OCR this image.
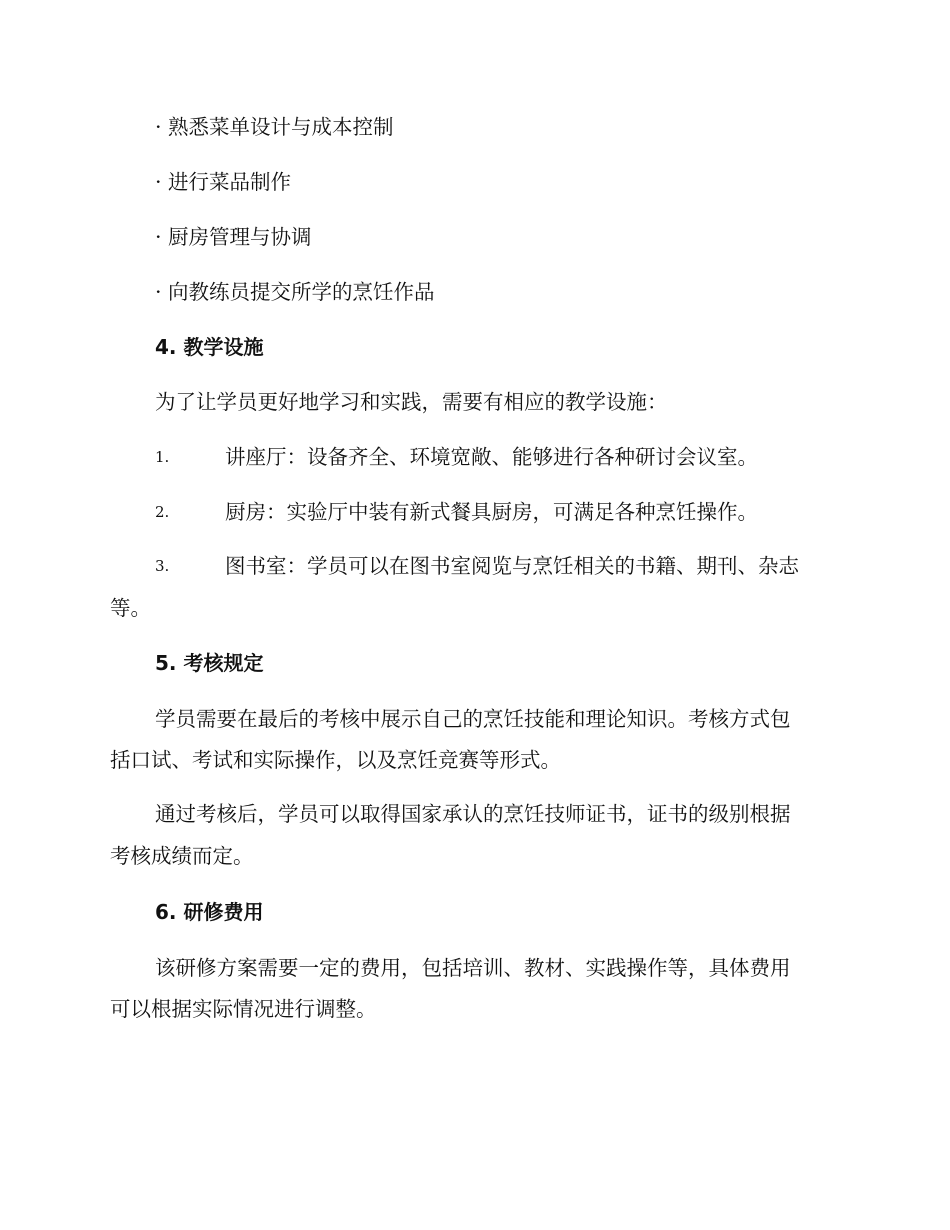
· 熟悉菜单设计与成本控制
· 进行菜品制作
· 厨房管理与协调
· 向教练员提交所学的烹饪作品
4. 教学设施
为了让学员更好地学习和实践，需要有相应的教学设施：
1.	讲座厅：设备齐全、环境宽敞、能够进行各种研讨会议室。
2.	厨房：实验厅中装有新式餐具厨房，可满足各种烹饪操作。
3.	图书室：学员可以在图书室阅览与烹饪相关的书籍、期刊、杂志
等。
5. 考核规定
学员需要在最后的考核中展示自己的烹饪技能和理论知识。考核方式包
括口试、考试和实际操作，以及烹饪竞赛等形式。
通过考核后，学员可以取得国家承认的烹饪技师证书，证书的级别根据
考核成绩而定。
6. 研修费用
该研修方案需要一定的费用，包括培训、教材、实践操作等，具体费用
可以根据实际情况进行调整。
